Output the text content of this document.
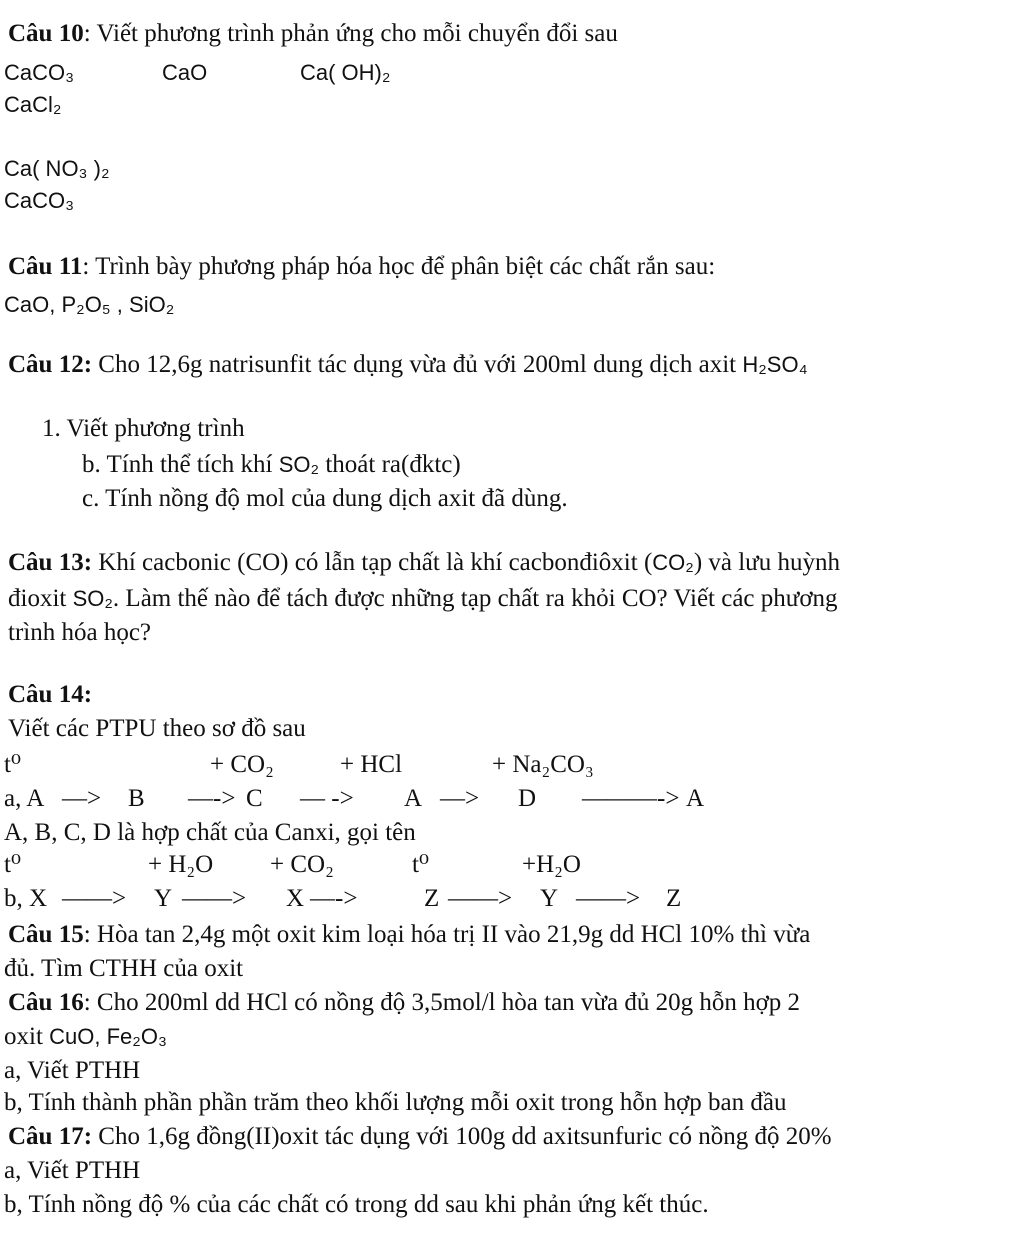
Câu 10: Viết phương trình phản ứng cho mỗi chuyển đổi sau
CaCO₃	CaO	Ca( OH)₂
CaCl₂
Ca( NO₃ )₂
CaCO₃
Câu 11: Trình bày phương pháp hóa học để phân biệt các chất rắn sau:
CaO, P₂O₅ , SiO₂
Câu 12: Cho 12,6g natrisunfit tác dụng vừa đủ với 200ml dung dịch axit H₂SO₄
1. Viết phương trình
b. Tính thể tích khí SO₂ thoát ra(đktc)
c. Tính nồng độ mol của dung dịch axit đã dùng.
Câu 13: Khí cacbonic (CO) có lẫn tạp chất là khí cacbonđiôxit (CO₂) và lưu huỳnh
đioxit SO₂. Làm thế nào để tách được những tạp chất ra khỏi CO? Viết các phương
trình hóa học?
Câu 14:
Viết các PTPU theo sơ đồ sau
t⁰	+ CO₂	+ HCl	+ Na₂CO₃
a, A —> B —-> C — -> A —> D ———-> A
A, B, C, D là hợp chất của Canxi, gọi tên
t⁰	+ H₂O + CO₂	t⁰	+H₂O
b, X ——> Y ——> X —->	Z ——> Y ——> Z
Câu 15: Hòa tan 2,4g một oxit kim loại hóa trị II vào 21,9g dd HCl 10% thì vừa
đủ. Tìm CTHH của oxit
Câu 16: Cho 200ml dd HCl có nồng độ 3,5mol/l hòa tan vừa đủ 20g hỗn hợp 2
oxit CuO, Fe₂O₃
a, Viết PTHH
b, Tính thành phần phần trăm theo khối lượng mỗi oxit trong hỗn hợp ban đầu
Câu 17: Cho 1,6g đồng(II)oxit tác dụng với 100g dd axitsunfuric có nồng độ 20%
a, Viết PTHH
b, Tính nồng độ % của các chất có trong dd sau khi phản ứng kết thúc.
